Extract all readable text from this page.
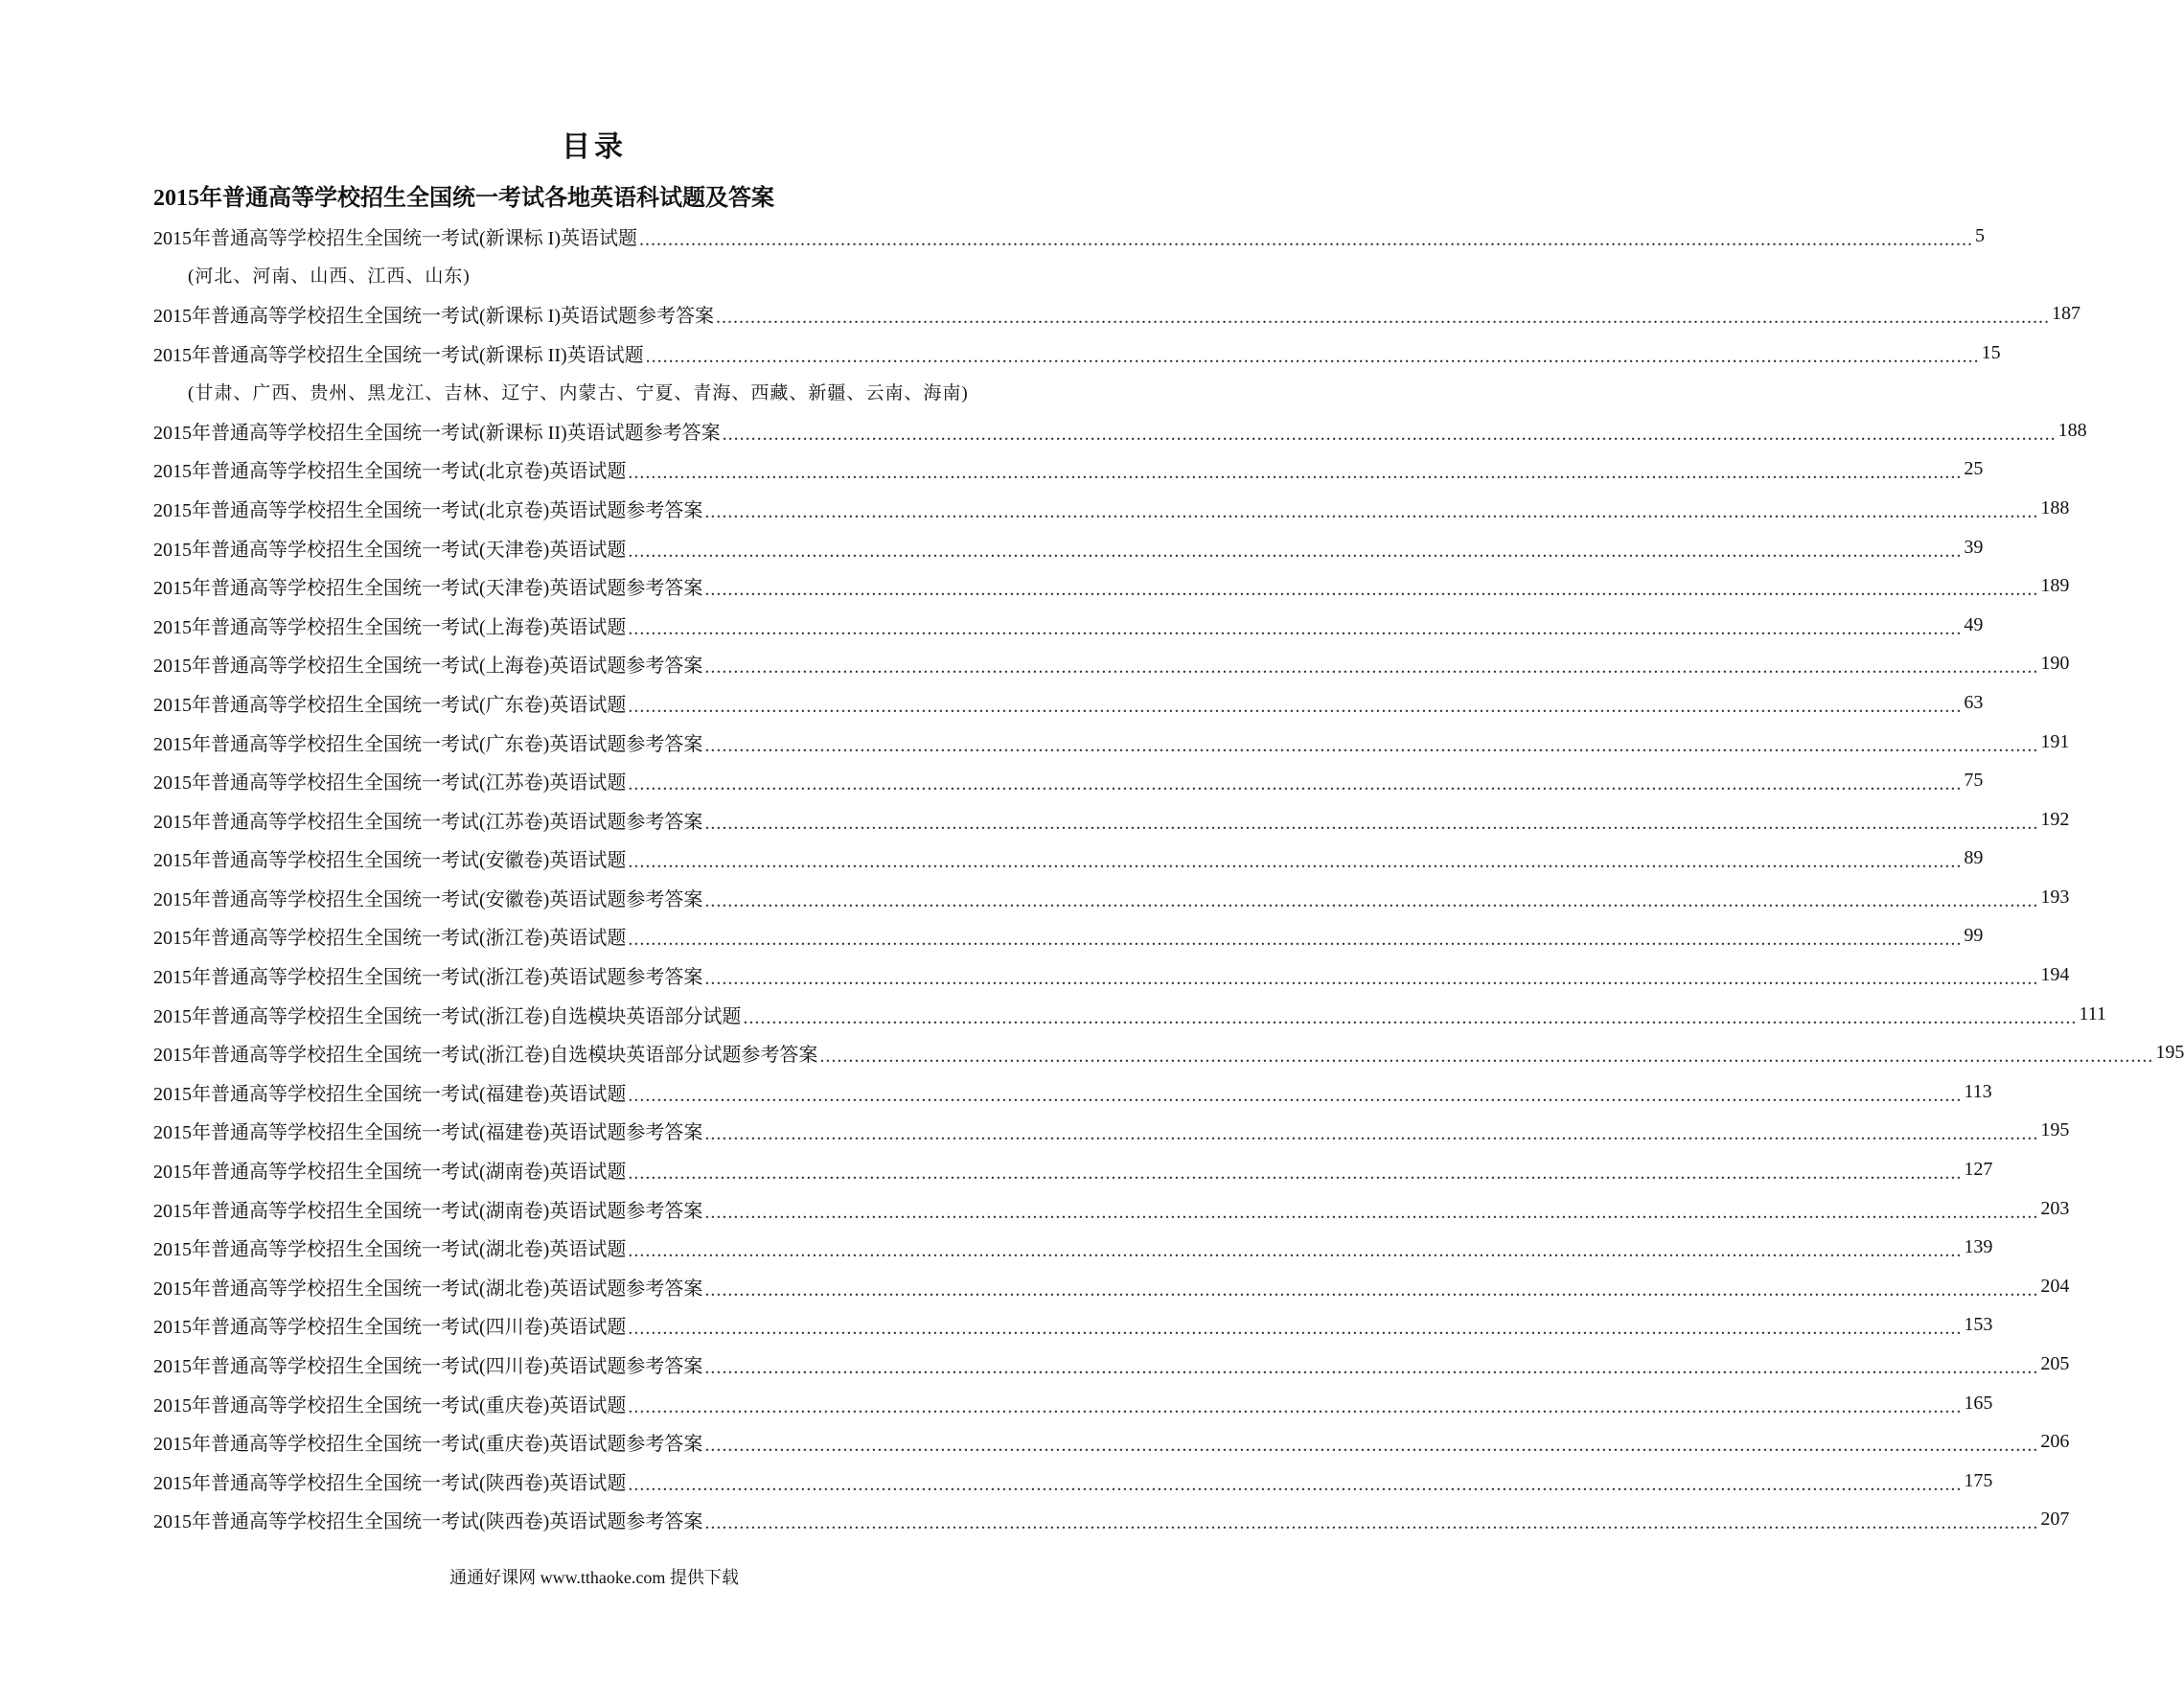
目录
2015年普通高等学校招生全国统一考试各地英语科试题及答案
2015年普通高等学校招生全国统一考试(新课标 I)英语试题 ........................................................................................................................................................................................................................................ 5
(河北、河南、山西、江西、山东)
2015年普通高等学校招生全国统一考试(新课标 I)英语试题参考答案 ........................................................................................................................................................................................................................................ 187
2015年普通高等学校招生全国统一考试(新课标 II)英语试题 ........................................................................................................................................................................................................................................ 15
(甘肃、广西、贵州、黑龙江、吉林、辽宁、内蒙古、宁夏、青海、西藏、新疆、云南、海南)
2015年普通高等学校招生全国统一考试(新课标 II)英语试题参考答案 ........................................................................................................................................................................................................................................ 188
2015年普通高等学校招生全国统一考试(北京卷)英语试题 ........................................................................................................................................................................................................................................ 25
2015年普通高等学校招生全国统一考试(北京卷)英语试题参考答案 ........................................................................................................................................................................................................................................ 188
2015年普通高等学校招生全国统一考试(天津卷)英语试题 ........................................................................................................................................................................................................................................ 39
2015年普通高等学校招生全国统一考试(天津卷)英语试题参考答案 ........................................................................................................................................................................................................................................ 189
2015年普通高等学校招生全国统一考试(上海卷)英语试题 ........................................................................................................................................................................................................................................ 49
2015年普通高等学校招生全国统一考试(上海卷)英语试题参考答案 ........................................................................................................................................................................................................................................ 190
2015年普通高等学校招生全国统一考试(广东卷)英语试题 ........................................................................................................................................................................................................................................ 63
2015年普通高等学校招生全国统一考试(广东卷)英语试题参考答案 ........................................................................................................................................................................................................................................ 191
2015年普通高等学校招生全国统一考试(江苏卷)英语试题 ........................................................................................................................................................................................................................................ 75
2015年普通高等学校招生全国统一考试(江苏卷)英语试题参考答案 ........................................................................................................................................................................................................................................ 192
2015年普通高等学校招生全国统一考试(安徽卷)英语试题 ........................................................................................................................................................................................................................................ 89
2015年普通高等学校招生全国统一考试(安徽卷)英语试题参考答案 ........................................................................................................................................................................................................................................ 193
2015年普通高等学校招生全国统一考试(浙江卷)英语试题 ........................................................................................................................................................................................................................................ 99
2015年普通高等学校招生全国统一考试(浙江卷)英语试题参考答案 ........................................................................................................................................................................................................................................ 194
2015年普通高等学校招生全国统一考试(浙江卷)自选模块英语部分试题 ........................................................................................................................................................................................................................................ 111
2015年普通高等学校招生全国统一考试(浙江卷)自选模块英语部分试题参考答案 ........................................................................................................................................................................................................................................ 195
2015年普通高等学校招生全国统一考试(福建卷)英语试题 ........................................................................................................................................................................................................................................ 113
2015年普通高等学校招生全国统一考试(福建卷)英语试题参考答案 ........................................................................................................................................................................................................................................ 195
2015年普通高等学校招生全国统一考试(湖南卷)英语试题 ........................................................................................................................................................................................................................................ 127
2015年普通高等学校招生全国统一考试(湖南卷)英语试题参考答案 ........................................................................................................................................................................................................................................ 203
2015年普通高等学校招生全国统一考试(湖北卷)英语试题 ........................................................................................................................................................................................................................................ 139
2015年普通高等学校招生全国统一考试(湖北卷)英语试题参考答案 ........................................................................................................................................................................................................................................ 204
2015年普通高等学校招生全国统一考试(四川卷)英语试题 ........................................................................................................................................................................................................................................ 153
2015年普通高等学校招生全国统一考试(四川卷)英语试题参考答案 ........................................................................................................................................................................................................................................ 205
2015年普通高等学校招生全国统一考试(重庆卷)英语试题 ........................................................................................................................................................................................................................................ 165
2015年普通高等学校招生全国统一考试(重庆卷)英语试题参考答案 ........................................................................................................................................................................................................................................ 206
2015年普通高等学校招生全国统一考试(陕西卷)英语试题 ........................................................................................................................................................................................................................................ 175
2015年普通高等学校招生全国统一考试(陕西卷)英语试题参考答案 ........................................................................................................................................................................................................................................ 207
通通好课网 www.tthaoke.com 提供下载
